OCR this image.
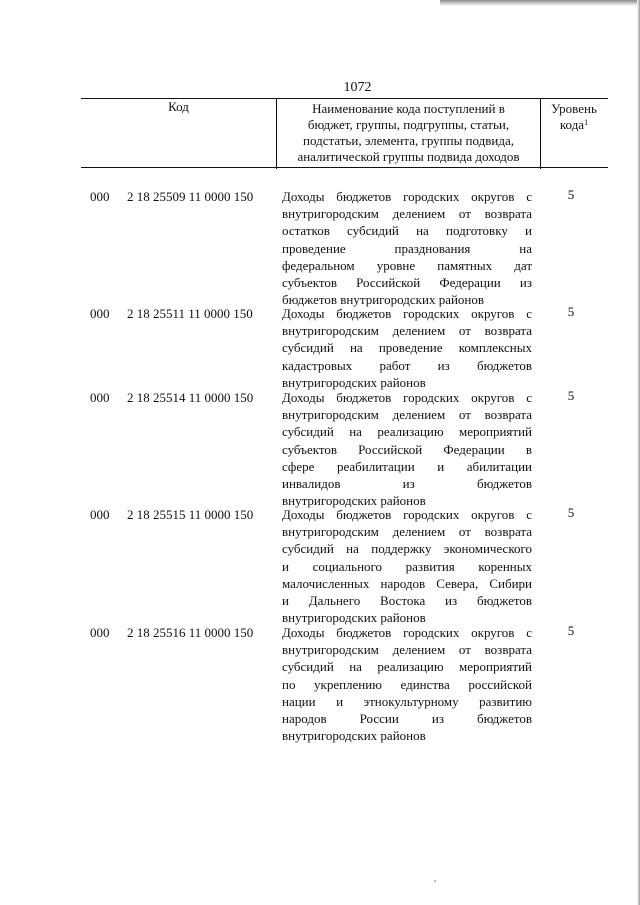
1072
Код	Наименование кода поступлений в
бюджет, группы, подгруппы, статьи,
подстатьи, элемента, группы подвида,
аналитической группы подвида доходов
Уровень
кода$^1$
000	2 18 25509 11 0000 150	Доходы бюджетов городских округов с
внутригородским делением от возврата
остатков субсидий на подготовку и
проведение празднования на
федеральном уровне памятных дат
субъектов Российской Федерации из
бюджетов внутригородских районов
5
000	2 18 25511 11 0000 150	Доходы бюджетов городских округов с
внутригородским делением от возврата
субсидий на проведение комплексных
кадастровых работ из бюджетов
внутригородских районов
5
000	2 18 25514 11 0000 150	Доходы бюджетов городских округов с
внутригородским делением от возврата
субсидий на реализацию мероприятий
субъектов Российской Федерации в
сфере реабилитации и абилитации
инвалидов из бюджетов
внутригородских районов
5
000	2 18 25515 11 0000 150	Доходы бюджетов городских округов с
внутригородским делением от возврата
субсидий на поддержку экономического
и социального развития коренных
малочисленных народов Севера, Сибири
и Дальнего Востока из бюджетов
внутригородских районов
5
000	2 18 25516 11 0000 150	Доходы бюджетов городских округов с
внутригородским делением от возврата
субсидий на реализацию мероприятий
по укреплению единства российской
нации и этнокультурному развитию
народов России из бюджетов
внутригородских районов
5
